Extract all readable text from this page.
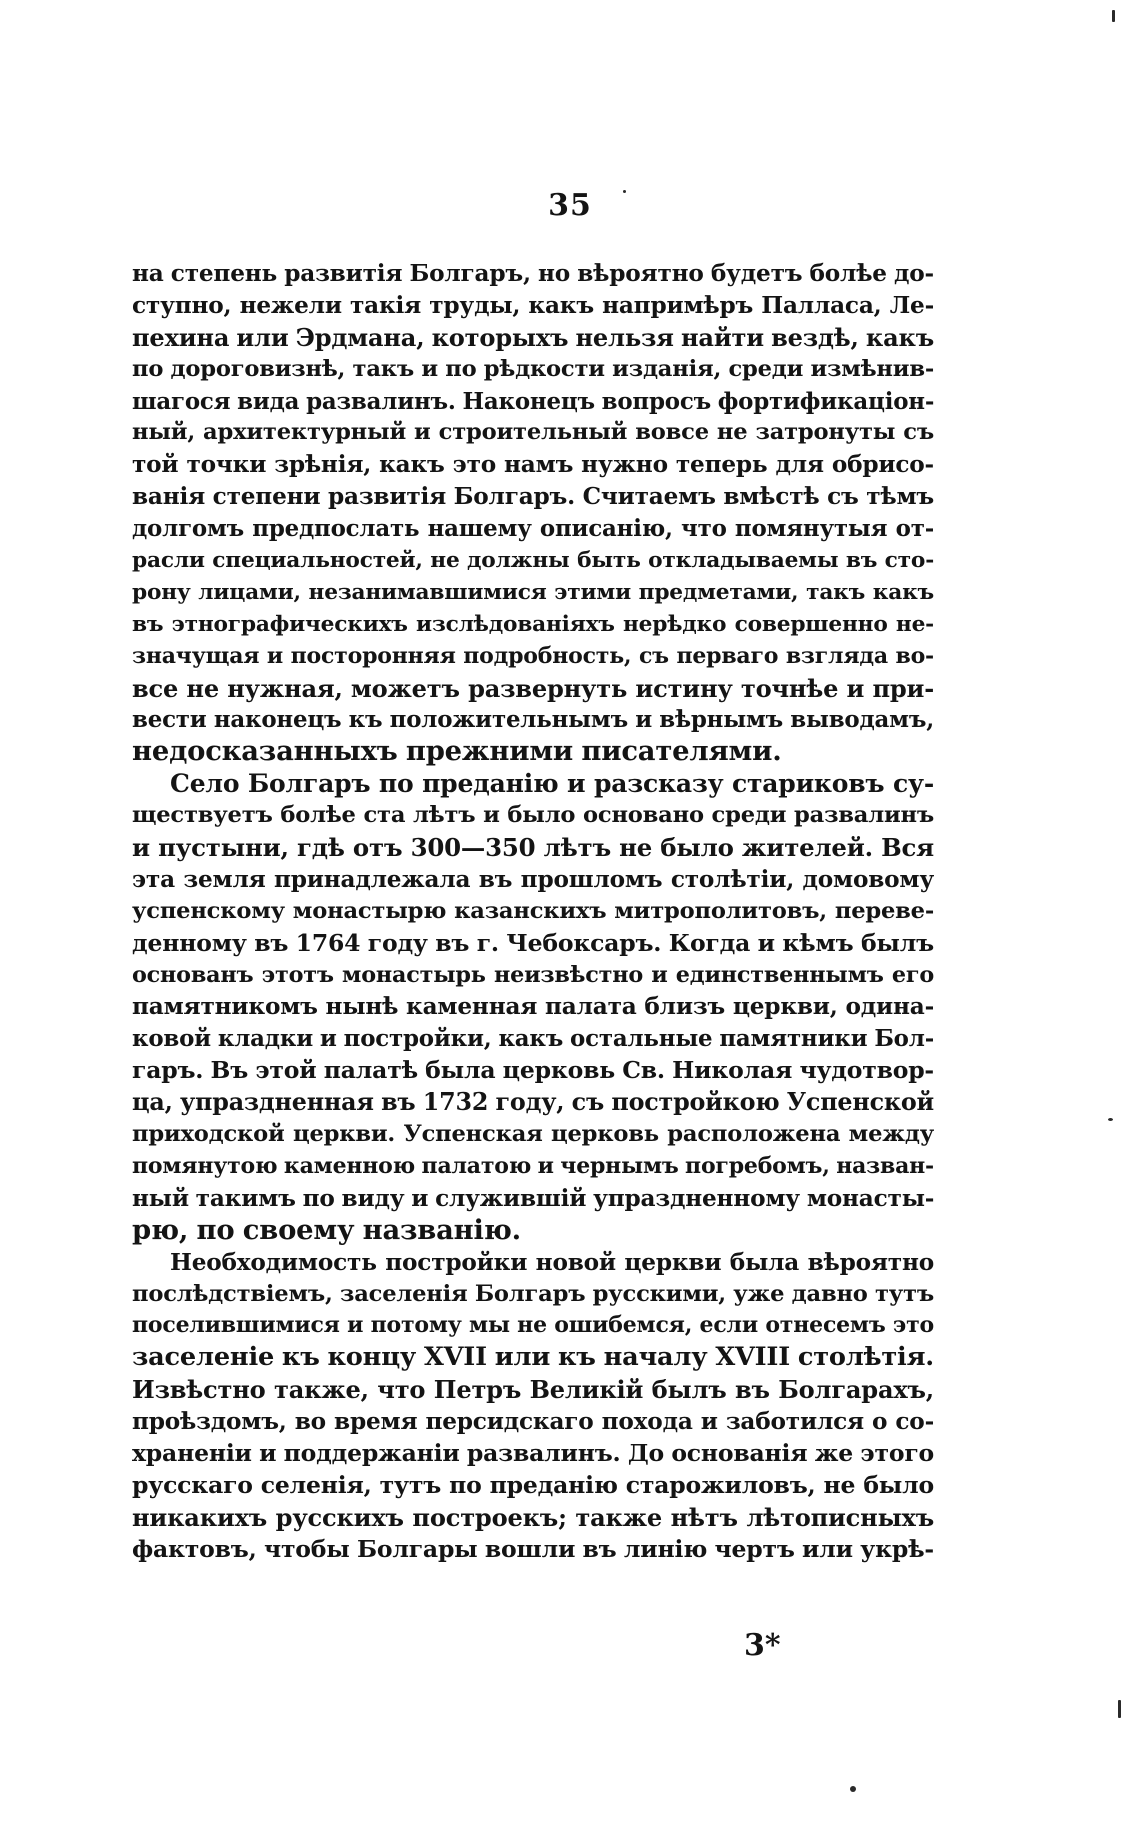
35
на степень развитія Болгаръ, но вѣроятно будетъ болѣе до-
ступно, нежели такія труды, какъ напримѣръ Палласа, Ле-
пехина или Эрдмана, которыхъ нельзя найти вездѣ, какъ
по дороговизнѣ, такъ и по рѣдкости изданія, среди измѣнив-
шагося вида развалинъ. Наконецъ вопросъ фортификаціон-
ный, архитектурный и строительный вовсе не затронуты съ
той точки зрѣнія, какъ это намъ нужно теперь для обрисо-
ванія степени развитія Болгаръ. Считаемъ вмѣстѣ съ тѣмъ
долгомъ предпослать нашему описанію, что помянутыя от-
расли специальностей, не должны быть откладываемы въ сто-
рону лицами, незанимавшимися этими предметами, такъ какъ
въ этнографическихъ изслѣдованіяхъ нерѣдко совершенно не-
значущая и посторонняя подробность, съ перваго взгляда во-
все не нужная, можетъ развернуть истину точнѣе и при-
вести наконецъ къ положительнымъ и вѣрнымъ выводамъ,
недосказанныхъ прежними писателями.
Село Болгаръ по преданію и разсказу стариковъ су-
ществуетъ болѣе ста лѣтъ и было основано среди развалинъ
и пустыни, гдѣ отъ 300—350 лѣтъ не было жителей. Вся
эта земля принадлежала въ прошломъ столѣтіи, домовому
успенскому монастырю казанскихъ митрополитовъ, переве-
денному въ 1764 году въ г. Чебоксаръ. Когда и кѣмъ былъ
основанъ этотъ монастырь неизвѣстно и единственнымъ его
памятникомъ нынѣ каменная палата близъ церкви, одина-
ковой кладки и постройки, какъ остальные памятники Бол-
гаръ. Въ этой палатѣ была церковь Св. Николая чудотвор-
ца, упраздненная въ 1732 году, съ постройкою Успенской
приходской церкви. Успенская церковь расположена между
помянутою каменною палатою и чернымъ погребомъ, назван-
ный такимъ по виду и служившій упраздненному монасты-
рю, по своему названію.
Необходимость постройки новой церкви была вѣроятно
послѣдствіемъ, заселенія Болгаръ русскими, уже давно тутъ
поселившимися и потому мы не ошибемся, если отнесемъ это
заселеніе къ концу XVII или къ началу XVIII столѣтія.
Извѣстно также, что Петръ Великій былъ въ Болгарахъ,
проѣздомъ, во время персидскаго похода и заботился о со-
храненіи и поддержаніи развалинъ. До основанія же этого
русскаго селенія, тутъ по преданію старожиловъ, не было
никакихъ русскихъ построекъ; также нѣтъ лѣтописныхъ
фактовъ, чтобы Болгары вошли въ линію чертъ или укрѣ-
3*
